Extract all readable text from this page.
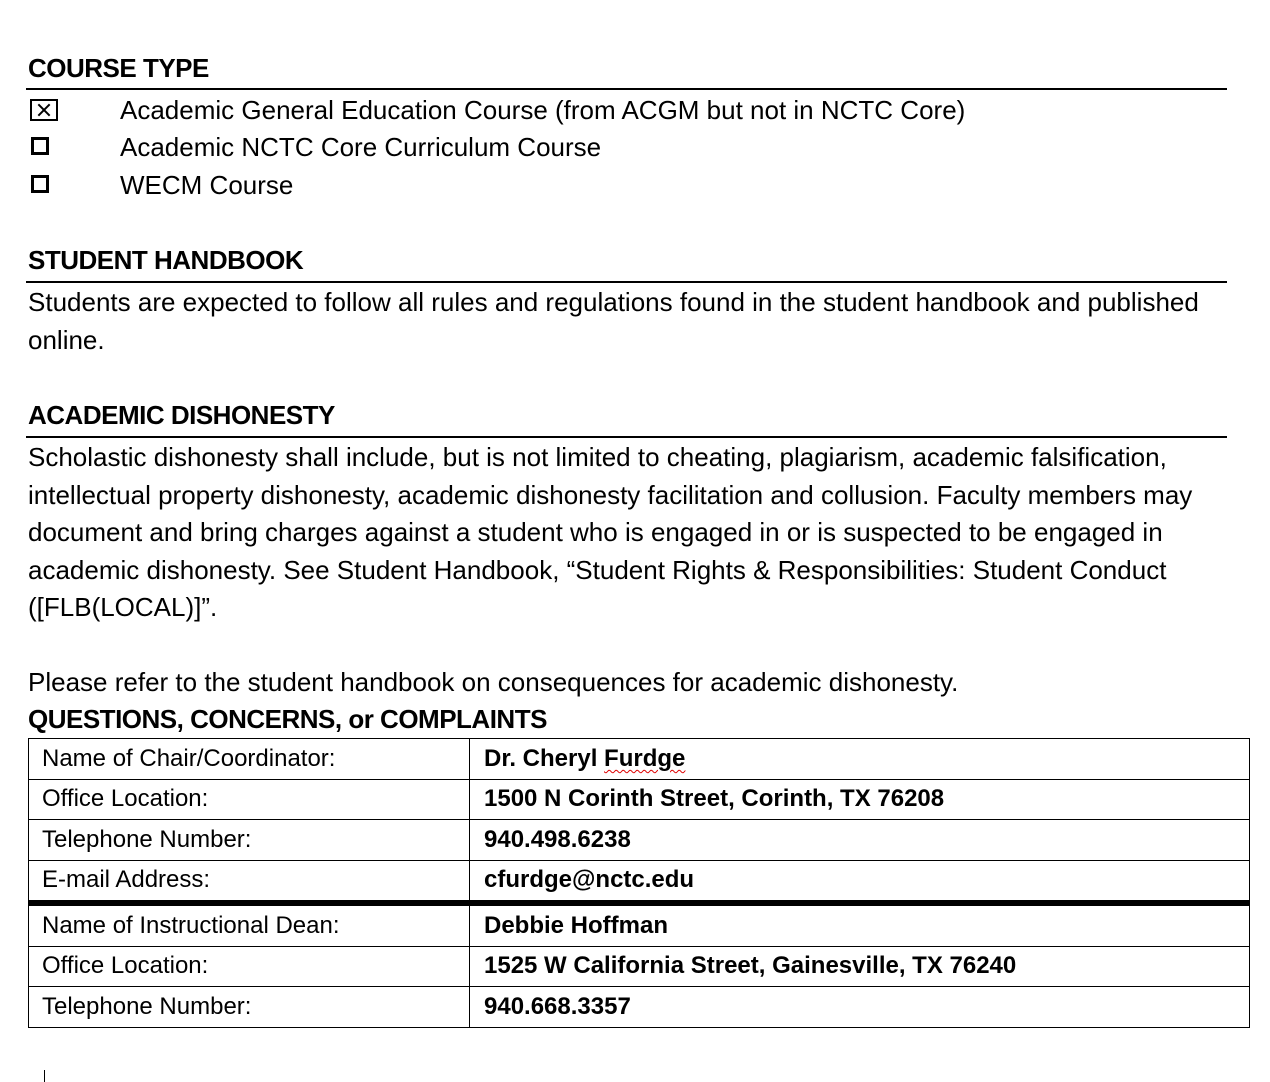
COURSE TYPE
Academic General Education Course (from ACGM but not in NCTC Core)
Academic NCTC Core Curriculum Course
WECM Course
STUDENT HANDBOOK
Students are expected to follow all rules and regulations found in the student handbook and published online.
ACADEMIC DISHONESTY
Scholastic dishonesty shall include, but is not limited to cheating, plagiarism, academic falsification, intellectual property dishonesty, academic dishonesty facilitation and collusion. Faculty members may document and bring charges against a student who is engaged in or is suspected to be engaged in academic dishonesty. See Student Handbook, “Student Rights & Responsibilities: Student Conduct ([FLB(LOCAL)]”.
Please refer to the student handbook on consequences for academic dishonesty.
QUESTIONS, CONCERNS, or COMPLAINTS
Name of Chair/Coordinator:	Dr. Cheryl Furdge
Office Location:	1500 N Corinth Street, Corinth, TX 76208
Telephone Number:	940.498.6238
E-mail Address:	cfurdge@nctc.edu

Name of Instructional Dean:	Debbie Hoffman
Office Location:	1525 W California Street, Gainesville, TX 76240
Telephone Number:	940.668.3357
